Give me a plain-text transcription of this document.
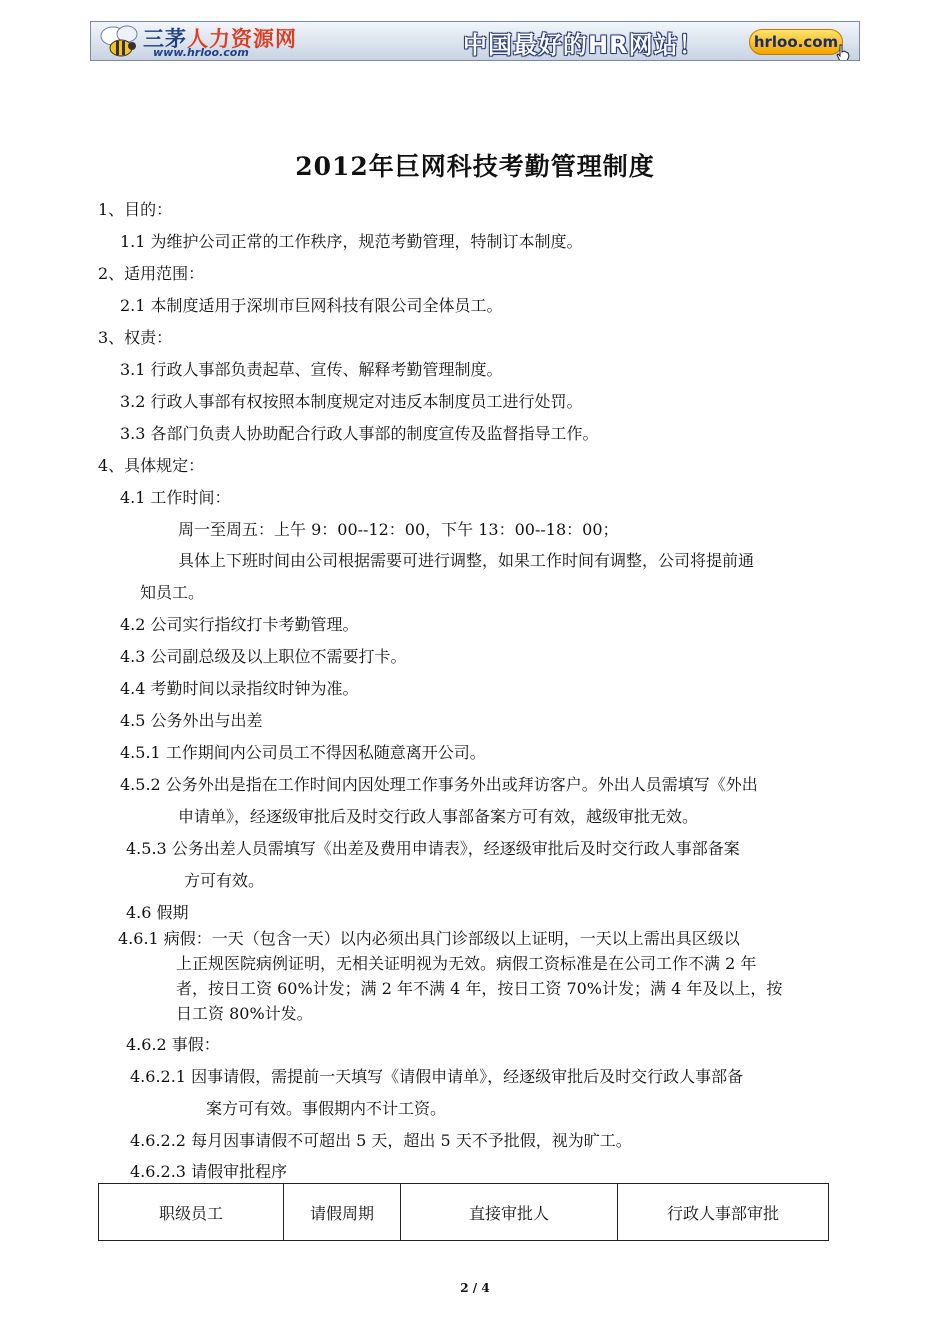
三茅人力资源网
www.hrloo.com	中国最好的HR网站！	hrloo.com
2012年巨网科技考勤管理制度
1、目的：
1.1 为维护公司正常的工作秩序，规范考勤管理，特制订本制度。
2、适用范围：
2.1 本制度适用于深圳市巨网科技有限公司全体员工。
3、权责：
3.1 行政人事部负责起草、宣传、解释考勤管理制度。
3.2 行政人事部有权按照本制度规定对违反本制度员工进行处罚。
3.3 各部门负责人协助配合行政人事部的制度宣传及监督指导工作。
4、具体规定：
4.1 工作时间：
周一至周五：上午 9：00--12：00，下午 13：00--18：00；
具体上下班时间由公司根据需要可进行调整，如果工作时间有调整，公司将提前通
知员工。
4.2 公司实行指纹打卡考勤管理。
4.3 公司副总级及以上职位不需要打卡。
4.4 考勤时间以录指纹时钟为准。
4.5 公务外出与出差
4.5.1 工作期间内公司员工不得因私随意离开公司。
4.5.2 公务外出是指在工作时间内因处理工作事务外出或拜访客户。外出人员需填写《外出
申请单》，经逐级审批后及时交行政人事部备案方可有效，越级审批无效。
4.5.3 公务出差人员需填写《出差及费用申请表》，经逐级审批后及时交行政人事部备案
方可有效。
4.6 假期
4.6.1 病假：一天（包含一天）以内必须出具门诊部级以上证明，一天以上需出具区级以
上正规医院病例证明，无相关证明视为无效。病假工资标准是在公司工作不满 2 年
者，按日工资 60%计发；满 2 年不满 4 年，按日工资 70%计发；满 4 年及以上，按
日工资 80%计发。
4.6.2 事假：
4.6.2.1 因事请假，需提前一天填写《请假申请单》，经逐级审批后及时交行政人事部备
案方可有效。事假期内不计工资。
4.6.2.2 每月因事请假不可超出 5 天，超出 5 天不予批假，视为旷工。
4.6.2.3 请假审批程序
职级员工	请假周期	直接审批人	行政人事部审批
2 / 4
